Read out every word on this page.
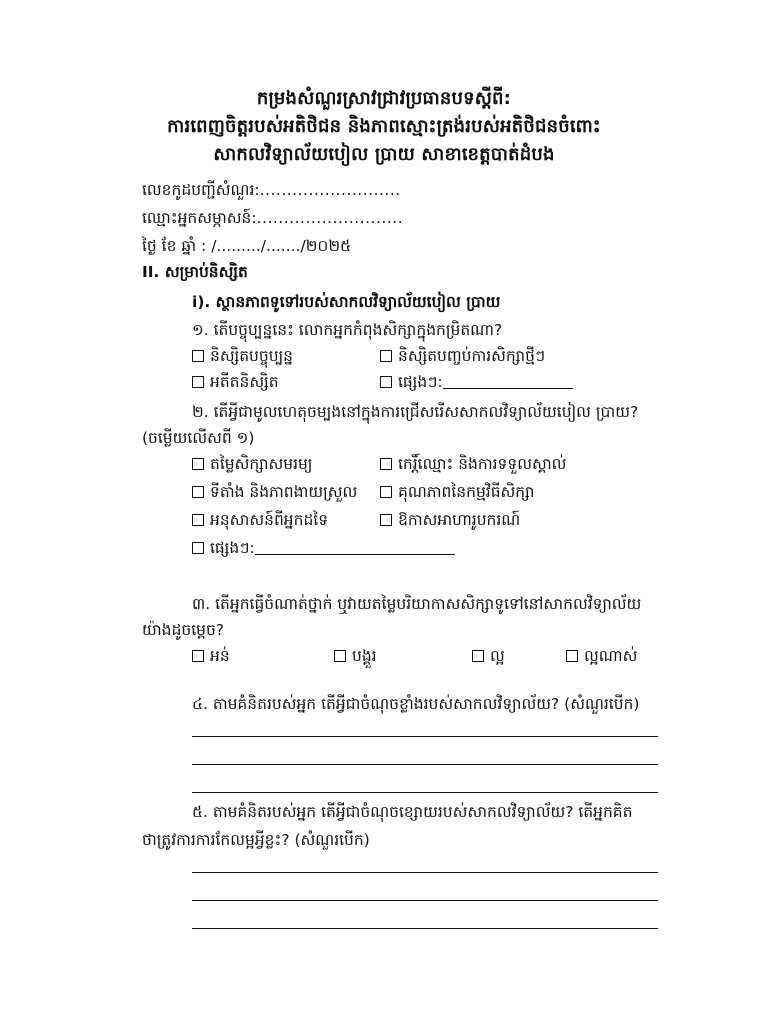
កម្រងសំណួរស្រាវជ្រាវប្រធានបទស្ដីពី:
ការពេញចិត្តរបស់អតិថិជន និងភាពស្មោះត្រង់របស់អតិថិជនចំពោះ
សាកលវិទ្យាល័យបៀល ប្រាយ សាខាខេត្តបាត់ដំបង
លេខកូដបញ្ជីសំណួរ:..........................
ឈ្មោះអ្នកសម្ភាសន៍:...........................
ថ្ងៃ ខែ ឆ្នាំ : /........./......./២០២៥
II. សម្រាប់និស្សិត
i). ស្ថានភាពទូទៅរបស់សាកលវិទ្យាល័យបៀល ប្រាយ
១. តើបច្ចុប្បន្ននេះ លោកអ្នកកំពុងសិក្សាក្នុងកម្រិតណា?
និស្សិតបច្ចុប្បន្ន	និស្សិតបញ្ចប់ការសិក្សាថ្មីៗ
អតីតនិស្សិត	ផ្សេងៗ:
២. តើអ្វីជាមូលហេតុចម្បងនៅក្នុងការជ្រើសរើសសាកលវិទ្យាល័យបៀល ប្រាយ?
(ចម្លើយលើសពី ១)
តម្លៃសិក្សាសមរម្យ	កេរ្តិ៍ឈ្មោះ និងការទទួលស្គាល់
ទីតាំង និងភាពងាយស្រួល	គុណភាពនៃកម្មវិធីសិក្សា
អនុសាសន៍ពីអ្នកដទៃ	ឱកាសអាហារូបករណ៍
ផ្សេងៗ:
៣. តើអ្នកធ្វើចំណាត់ថ្នាក់ ឬវាយតម្លៃបរិយាកាសសិក្សាទូទៅនៅសាកលវិទ្យាល័យ
យ៉ាងដូចម្ដេច?
អន់	បង្គួរ	ល្អ	ល្អណាស់
៤. តាមគំនិតរបស់អ្នក តើអ្វីជាចំណុចខ្លាំងរបស់សាកលវិទ្យាល័យ? (សំណួរបើក)
៥. តាមគំនិតរបស់អ្នក តើអ្វីជាចំណុចខ្សោយរបស់សាកលវិទ្យាល័យ? តើអ្នកគិត
ថាត្រូវការការកែលម្អអ្វីខ្លះ? (សំណួរបើក)
